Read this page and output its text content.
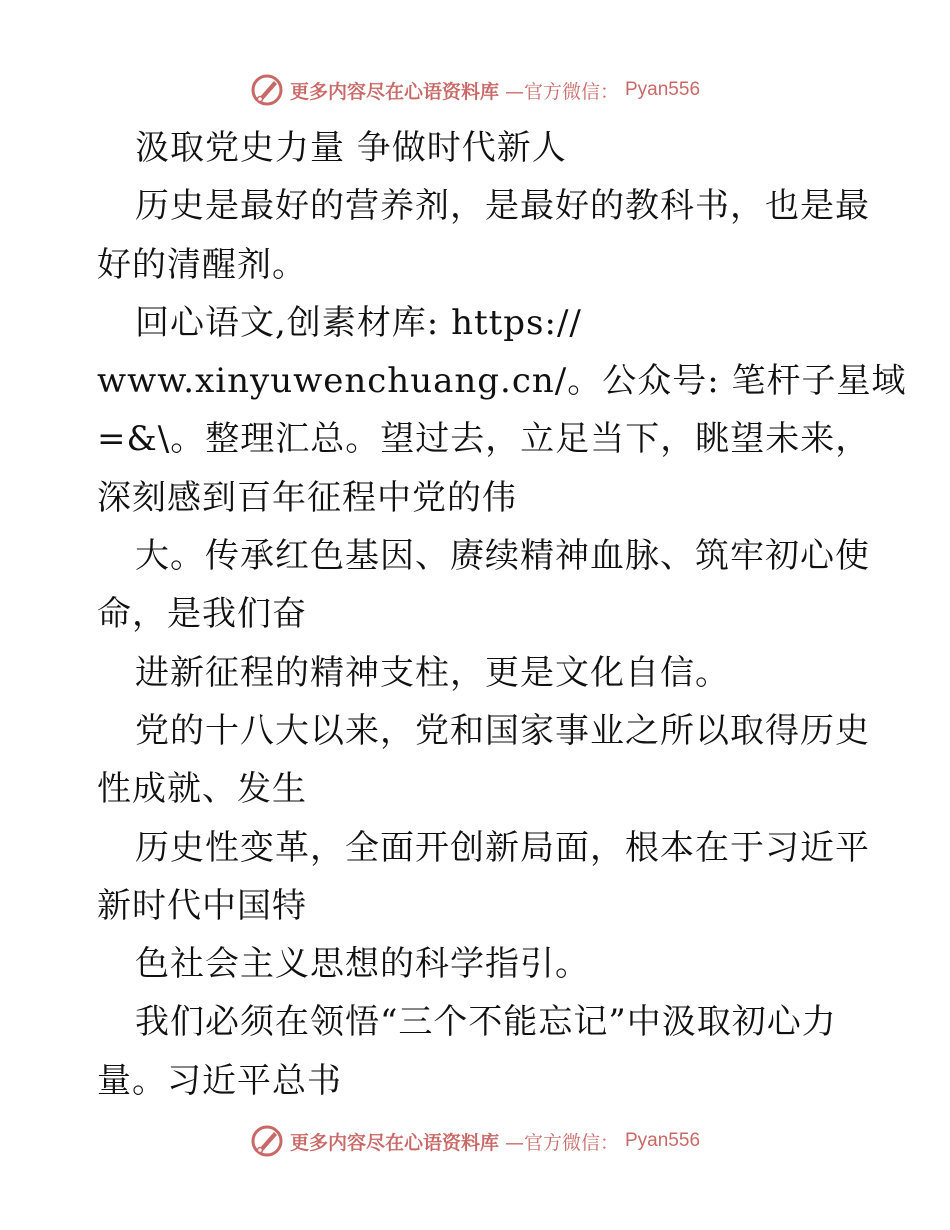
更多内容尽在心语资料库 —官方微信： Pyan556
汲取党史力量 争做时代新人
历史是最好的营养剂，是最好的教科书，也是最
好的清醒剂。
回心语文,创素材库: https://
www.xinyuwenchuang.cn/。公众号: 笔杆子星域
=&\。整理汇总。望过去，立足当下，眺望未来，
深刻感到百年征程中党的伟
大。传承红色基因、赓续精神血脉、筑牢初心使
命，是我们奋
进新征程的精神支柱，更是文化自信。
党的十八大以来，党和国家事业之所以取得历史
性成就、发生
历史性变革，全面开创新局面，根本在于习近平
新时代中国特
色社会主义思想的科学指引。
我们必须在领悟“三个不能忘记”中汲取初心力
量。习近平总书
更多内容尽在心语资料库 —官方微信： Pyan556
